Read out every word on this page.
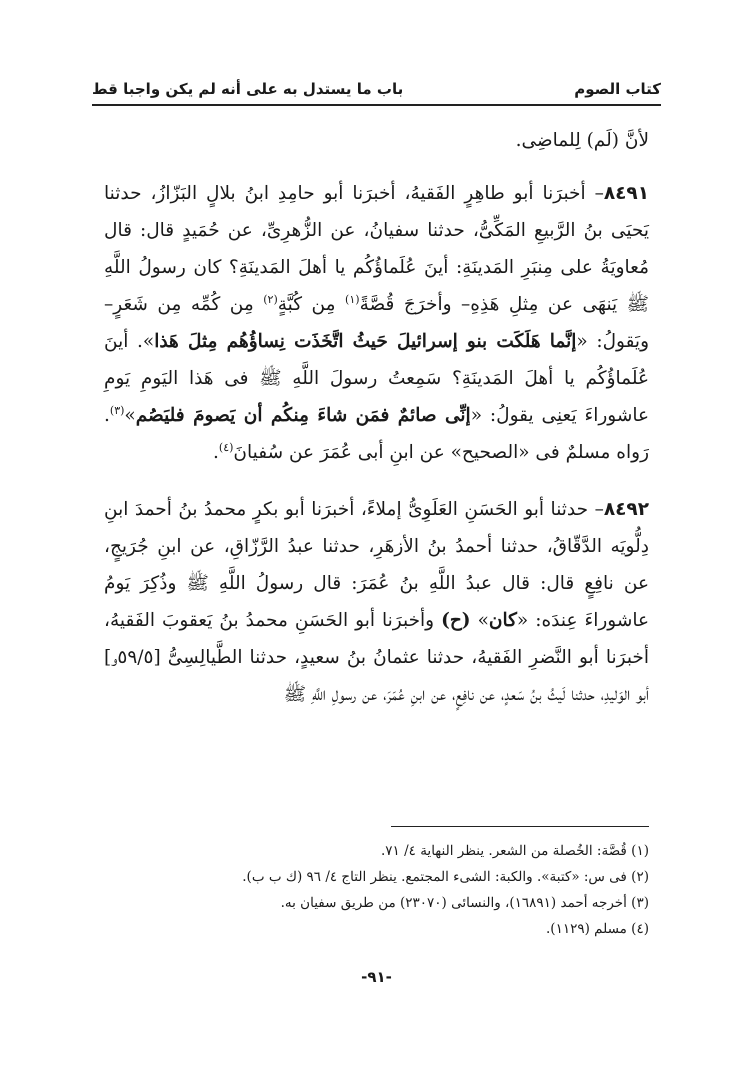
كتاب الصوم
باب ما يستدل به على أنه لم يكن واجبا قط

لأنَّ (لَم) لِلماضِى.

٨٤٩١– أخبرَنا أبو طاهِرٍ الفَقيهُ، أخبرَنا أبو حامِدِ ابنُ بلالٍ البَزّازُ، حدثنا يَحيَى بنُ الرَّبيعِ المَكِّىُّ، حدثنا سفيانُ، عن الزُّهرِىِّ، عن حُمَيدٍ قال: قال مُعاويَةُ على مِنبَرِ المَدينَةِ: أينَ عُلَماؤُكُم يا أهلَ المَدينَةِ؟ كان رسولُ اللَّهِ ﷺ يَنهَى عن مِثلِ هَذِهِ– وأخرَجَ قُصَّةً$^{(١)}$ مِن كُبَّةٍ$^{(٢)}$ مِن كُمِّه مِن شَعَرٍ– ويَقولُ: «إنَّما هَلَكَت بنو إسرائيلَ حَيثُ اتَّخَذَت نِساؤُهُم مِثلَ هَذا». أينَ عُلَماؤُكُم يا أهلَ المَدينَةِ؟ سَمِعتُ رسولَ اللَّهِ ﷺ فى هَذا اليَومِ يَومِ عاشوراءَ يَعنِى يقولُ: «إنِّى صائمٌ فمَن شاءَ مِنكُم أن يَصومَ فليَصُم»$^{(٣)}$. رَواه مسلمٌ فى «الصحيح» عن ابنِ أبى عُمَرَ عن سُفيانَ$^{(٤)}$.

٨٤٩٢– حدثنا أبو الحَسَنِ العَلَوِىُّ إملاءً، أخبرَنا أبو بكرٍ محمدُ بنُ أحمدَ ابنِ دِلُّويَه الدَّقّاقُ، حدثنا أحمدُ بنُ الأزهَرِ، حدثنا عبدُ الرَّزّاقِ، عن ابنِ جُرَيجٍ، عن نافِعٍ قال: قال عبدُ اللَّهِ بنُ عُمَرَ: قال رسولُ اللَّهِ ﷺ وذُكِرَ يَومُ عاشوراءَ عِندَه: «كان» (ح) وأخبرَنا أبو الحَسَنِ محمدُ بنُ يَعقوبَ الفَقيهُ، أخبرَنا أبو النَّضرِ الفَقيهُ، حدثنا عثمانُ بنُ سعيدٍ، حدثنا الطَّيالِسِىُّ [٥٩/٥و] أبو الوَليدِ، حدثنا لَيثُ بنُ سَعدٍ، عن نافِعٍ، عن ابنِ عُمَرَ، عن رسولِ اللَّهِ ﷺ

(١) قُصَّة: الخُصلة من الشعر. ينظر النهاية ٤/ ٧١.
(٢) فى س: «كتبة». والكبة: الشىء المجتمع. ينظر التاج ٤/ ٩٦ (ك ب ب).
(٣) أخرجه أحمد (١٦٨٩١)، والنسائى (٢٣٠٧٠) من طريق سفيان به.
(٤) مسلم (١١٢٩).
-٩١-
